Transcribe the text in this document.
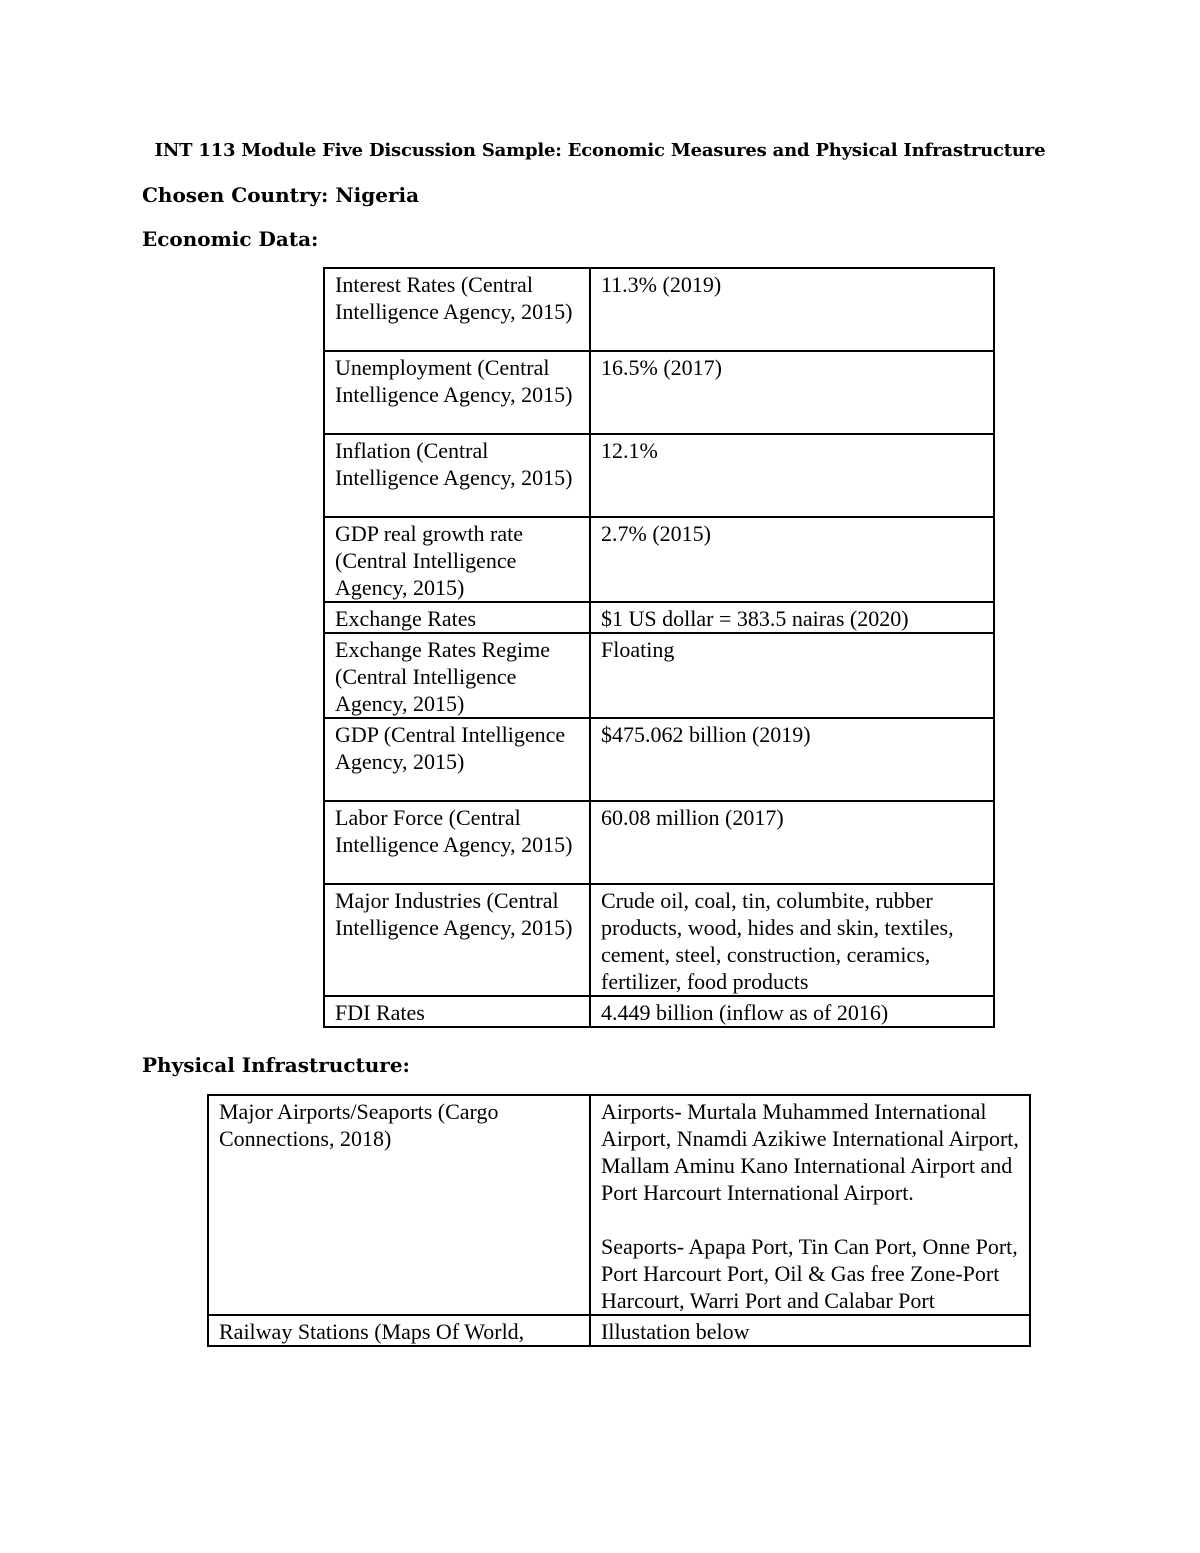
INT 113 Module Five Discussion Sample: Economic Measures and Physical Infrastructure
Chosen Country: Nigeria
Economic Data:
Interest Rates (Central Intelligence Agency, 2015)	11.3% (2019)
Unemployment (Central Intelligence Agency, 2015)	16.5% (2017)
Inflation (Central Intelligence Agency, 2015)	12.1%
GDP real growth rate (Central Intelligence Agency, 2015)	2.7% (2015)
Exchange Rates	$1 US dollar = 383.5 nairas (2020)
Exchange Rates Regime (Central Intelligence Agency, 2015)	Floating
GDP (Central Intelligence Agency, 2015)	$475.062 billion (2019)
Labor Force (Central Intelligence Agency, 2015)	60.08 million (2017)
Major Industries (Central Intelligence Agency, 2015)	Crude oil, coal, tin, columbite, rubber products, wood, hides and skin, textiles, cement, steel, construction, ceramics, fertilizer, food products
FDI Rates	4.449 billion (inflow as of 2016)
Physical Infrastructure:
Major Airports/Seaports (Cargo Connections, 2018)	Airports- Murtala Muhammed International Airport, Nnamdi Azikiwe International Airport, Mallam Aminu Kano International Airport and Port Harcourt International Airport.
Seaports- Apapa Port, Tin Can Port, Onne Port, Port Harcourt Port, Oil & Gas free Zone-Port Harcourt, Warri Port and Calabar Port

Railway Stations (Maps Of World,	Illustation below
